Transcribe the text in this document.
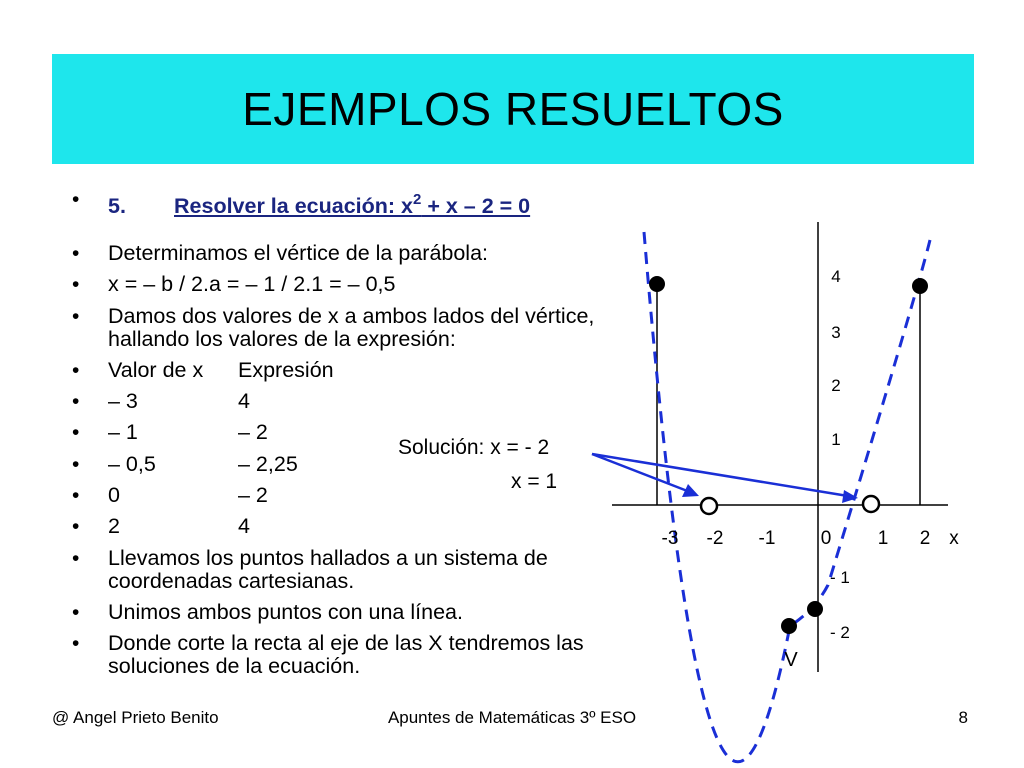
EJEMPLOS RESUELTOS
• 5. Resolver la ecuación: $x^2 + x - 2 = 0$
• Determinamos el vértice de la parábola:
• x = – b / 2.a = – 1 / 2.1 = – 0,5
• Damos dos valores de x a ambos lados del vértice, hallando los valores de la expresión:
• Valor de x Expresión
• – 3	4
• – 1	– 2
• – 0,5	– 2,25
• 0	– 2
• 2	4
• Llevamos los puntos hallados a un sistema de coordenadas cartesianas.
• Unimos ambos puntos con una línea.
• Donde corte la recta al eje de las X tendremos las soluciones de la ecuación.
-3 -2 -1 0 1 2 x
4
3
2
1
- 1
- 2
V
Solución: x = - 2
x = 1
@ Angel Prieto Benito	Apuntes de Matemáticas 3º ESO	8
